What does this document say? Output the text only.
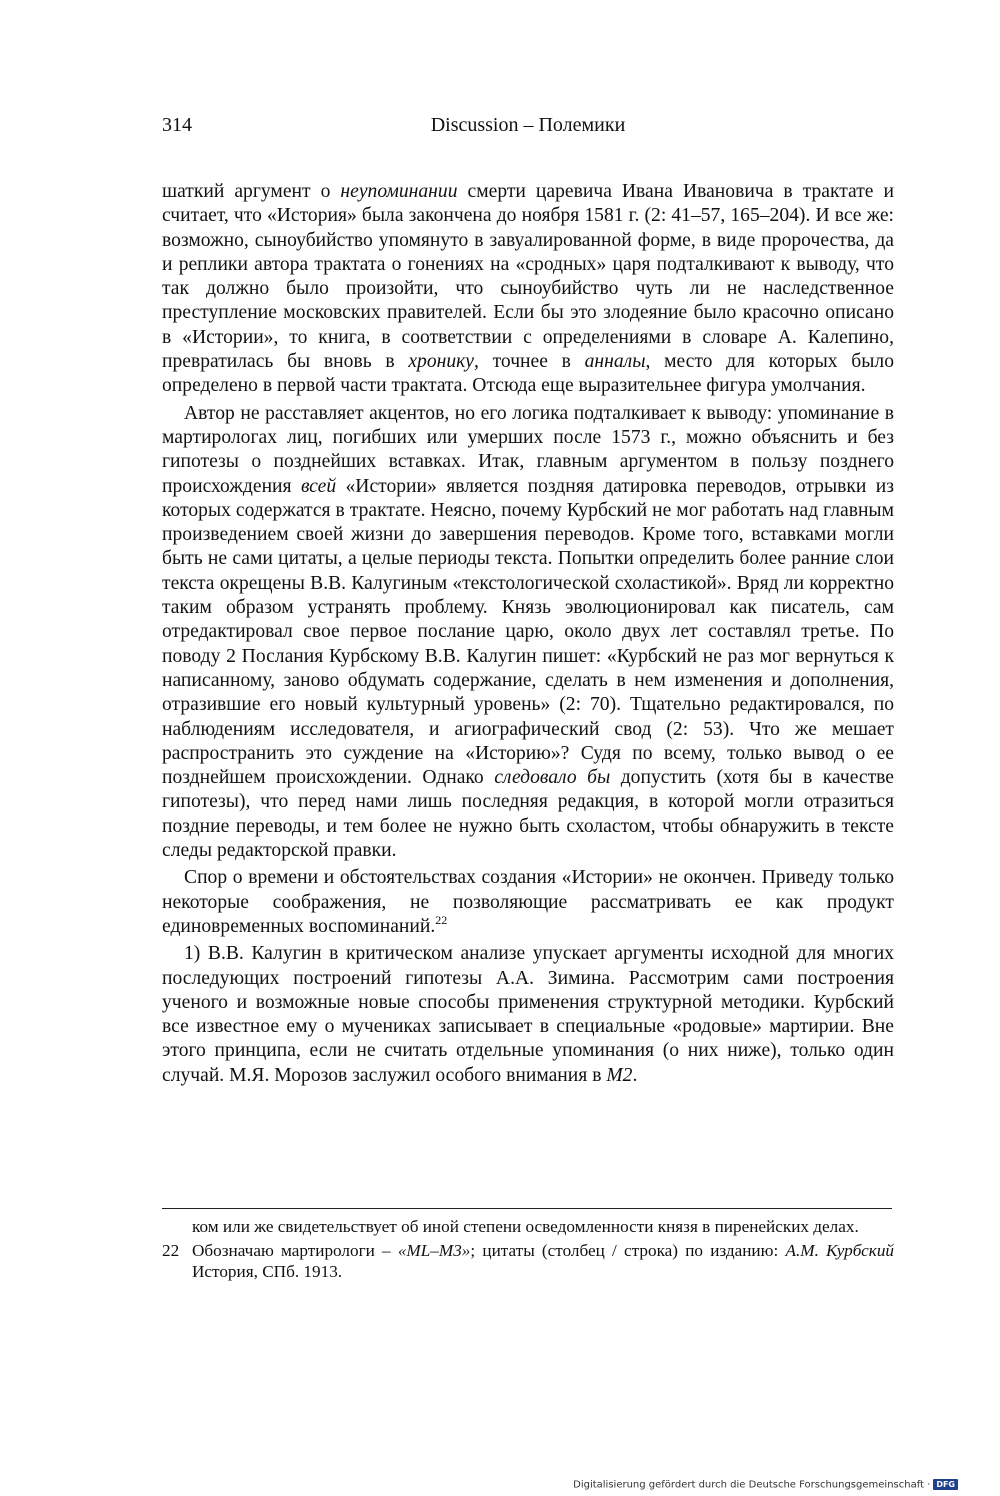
314	Discussion – Полемики

шаткий аргумент о неупоминании смерти царевича Ивана Ивановича в трактате и считает, что «История» была закончена до ноября 1581 г. (2: 41–57, 165–204). И все же: возможно, сыноубийство упомянуто в завуалированной форме, в виде пророчества, да и реплики автора трактата о гонениях на «сродных» царя подталкивают к выводу, что так должно было произойти, что сыноубийство чуть ли не наследственное преступление московских правителей. Если бы это злодеяние было красочно описано в «Истории», то книга, в соответствии с определениями в словаре А. Калепино, превратилась бы вновь в хронику, точнее в анналы, место для которых было определено в первой части трактата. Отсюда еще выразительнее фигура умолчания.

Автор не расставляет акцентов, но его логика подталкивает к выводу: упоминание в мартирологах лиц, погибших или умерших после 1573 г., можно объяснить и без гипотезы о позднейших вставках. Итак, главным аргументом в пользу позднего происхождения всей «Истории» является поздняя датировка переводов, отрывки из которых содержатся в трактате. Неясно, почему Курбский не мог работать над главным произведением своей жизни до завершения переводов. Кроме того, вставками могли быть не сами цитаты, а целые периоды текста. Попытки определить более ранние слои текста окрещены В.В. Калугиным «текстологической схоластикой». Вряд ли корректно таким образом устранять проблему. Князь эволюционировал как писатель, сам отредактировал свое первое послание царю, около двух лет составлял третье. По поводу 2 Послания Курбскому В.В. Калугин пишет: «Курбский не раз мог вернуться к написанному, заново обдумать содержание, сделать в нем изменения и дополнения, отразившие его новый культурный уровень» (2: 70). Тщательно редактировался, по наблюдениям исследователя, и агиографический свод (2: 53). Что же мешает распространить это суждение на «Историю»? Судя по всему, только вывод о ее позднейшем происхождении. Однако следовало бы допустить (хотя бы в качестве гипотезы), что перед нами лишь последняя редакция, в которой могли отразиться поздние переводы, и тем более не нужно быть схоластом, чтобы обнаружить в тексте следы редакторской правки.

Спор о времени и обстоятельствах создания «Истории» не окончен. Приведу только некоторые соображения, не позволяющие рассматривать ее как продукт единовременных воспоминаний.$^{22}$

1) В.В. Калугин в критическом анализе упускает аргументы исходной для многих последующих построений гипотезы А.А. Зимина. Рассмотрим сами построения ученого и возможные новые способы применения структурной методики. Курбский все известное ему о мучениках записывает в специальные «родовые» мартирии. Вне этого принципа, если не считать отдельные упоминания (о них ниже), только один случай. М.Я. Морозов заслужил особого внимания в M2.

ком или же свидетельствует об иной степени осведомленности князя в пиренейских делах.

22 Обозначаю мартирологи – «ML–M3»; цитаты (столбец / строка) по изданию: А.М. Курбский История, СПб. 1913.

Digitalisierung gefördert durch die Deutsche Forschungsgemeinschaft · DFG
